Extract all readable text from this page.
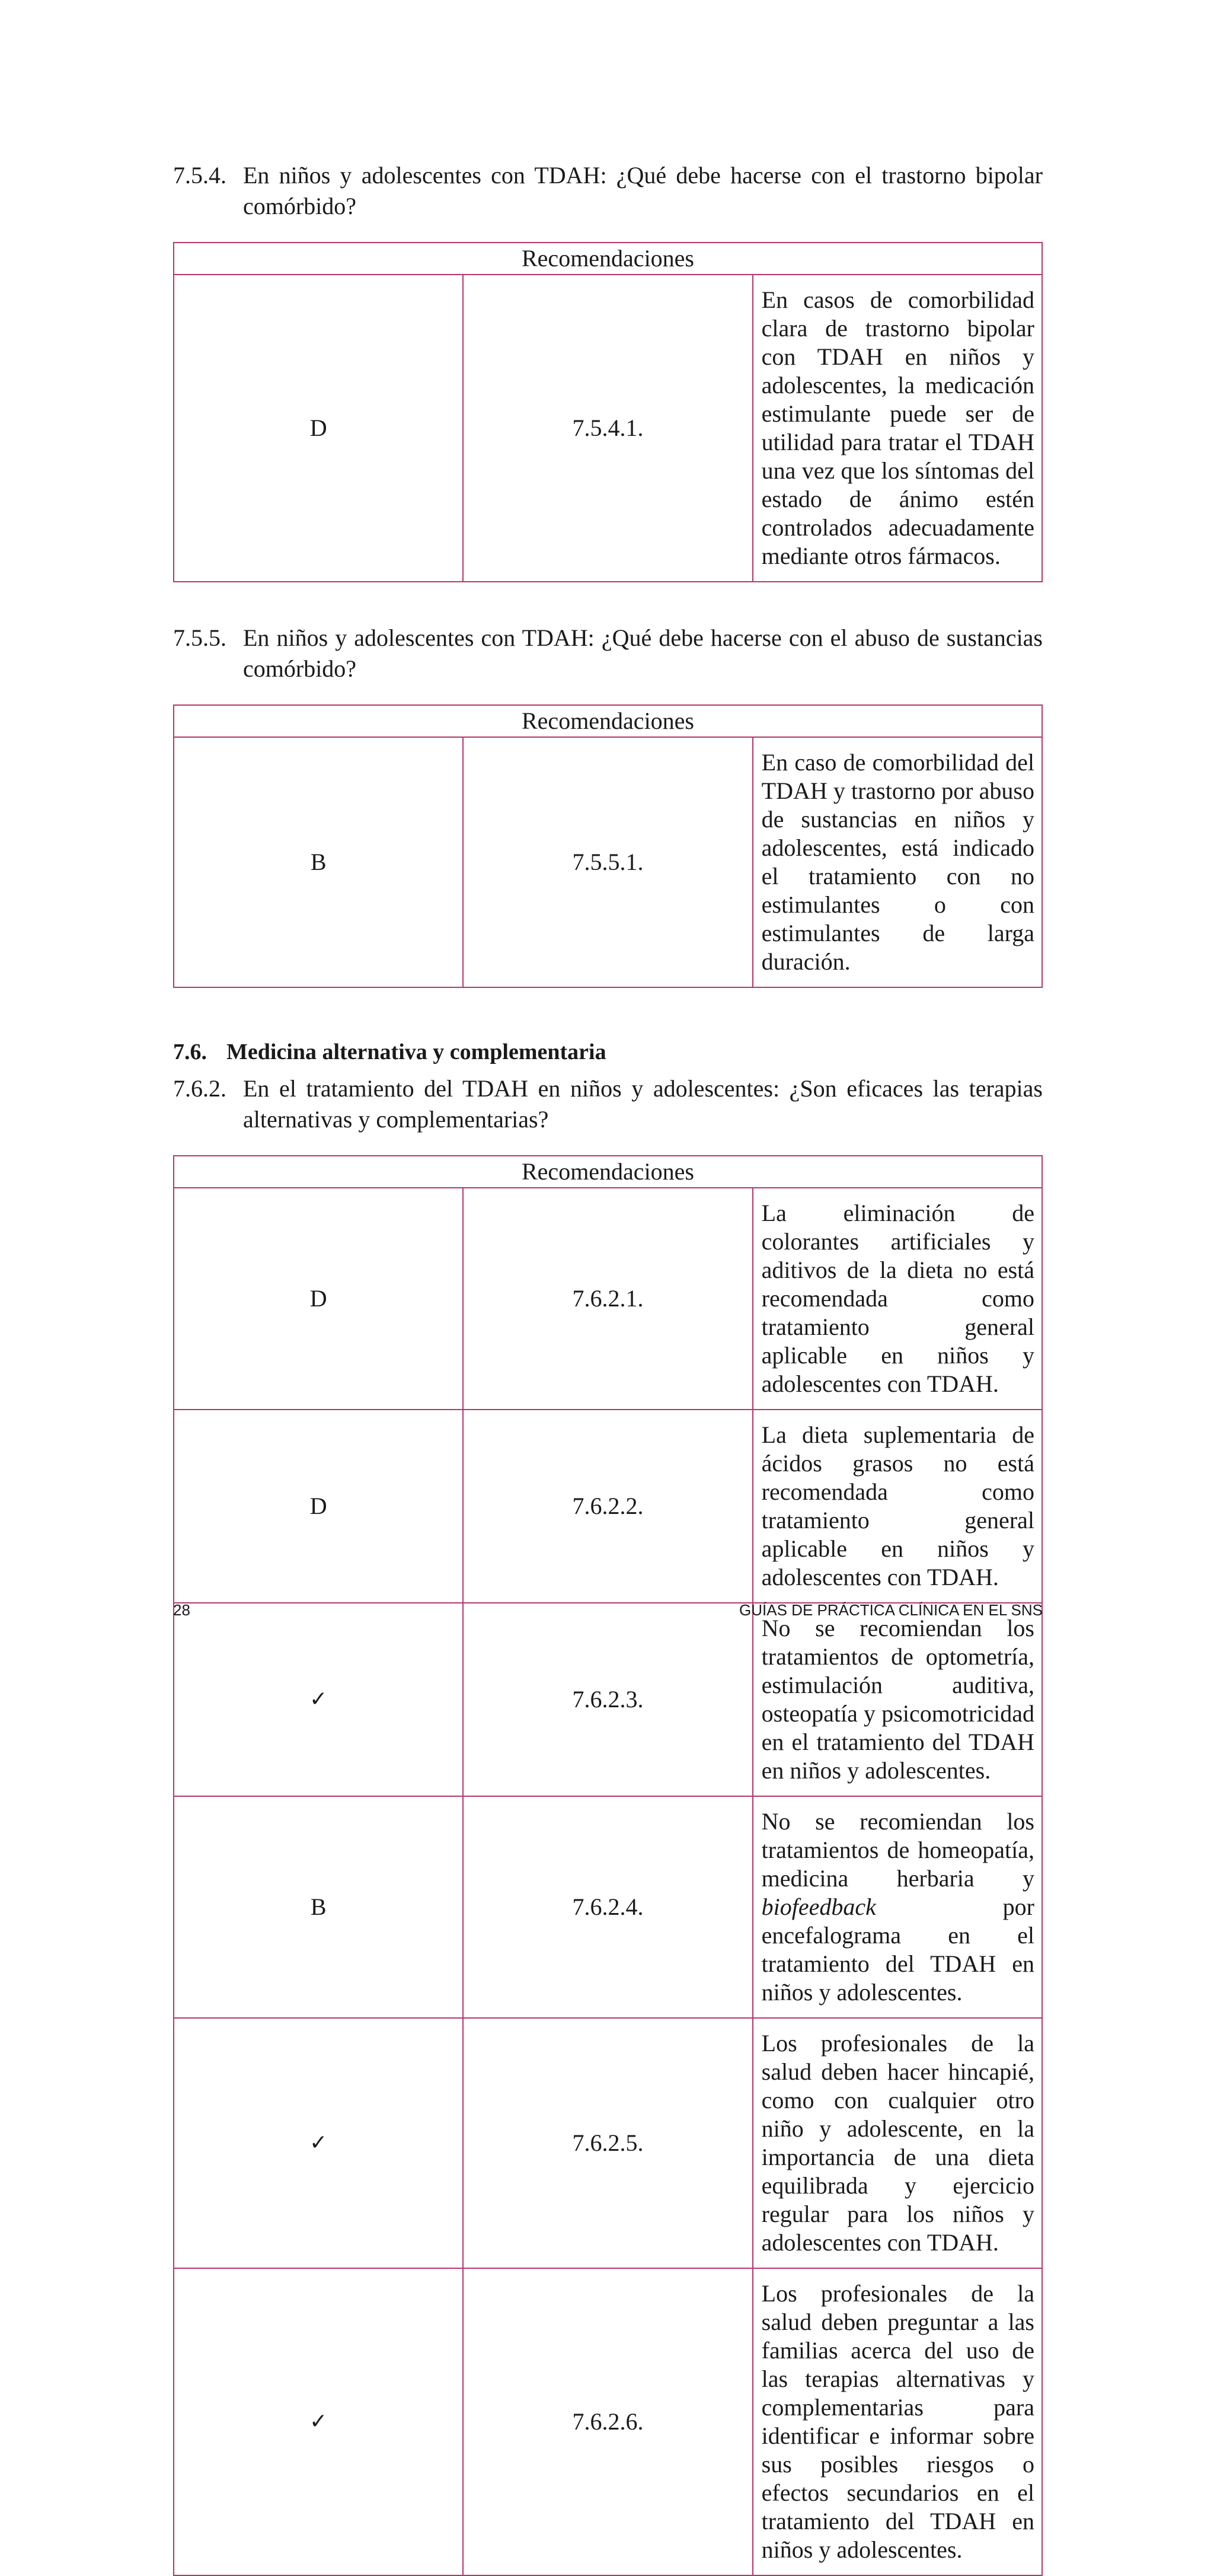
7.5.4. En niños y adolescentes con TDAH: ¿Qué debe hacerse con el trastorno bipolar comórbido?
Recomendaciones
D	7.5.4.1.	En casos de comorbilidad clara de trastorno bipolar con TDAH en niños y adolescentes, la medicación estimulante puede ser de utilidad para tratar el TDAH una vez que los síntomas del estado de ánimo estén controlados adecuadamente mediante otros fármacos.
7.5.5. En niños y adolescentes con TDAH: ¿Qué debe hacerse con el abuso de sustancias comórbido?
Recomendaciones
B	7.5.5.1.	En caso de comorbilidad del TDAH y trastorno por abuso de sustancias en niños y adolescentes, está indicado el tratamiento con no estimulantes o con estimulantes de larga duración.
7.6. Medicina alternativa y complementaria
7.6.2. En el tratamiento del TDAH en niños y adolescentes: ¿Son eficaces las terapias alternativas y complementarias?
Recomendaciones		
D	7.6.2.1.	La eliminación de colorantes artificiales y aditivos de la dieta no está recomendada como tratamiento general aplicable en niños y adolescentes con TDAH.
D	7.6.2.2.	La dieta suplementaria de ácidos grasos no está recomendada como tratamiento general aplicable en niños y adolescentes con TDAH.
✓	7.6.2.3.	No se recomiendan los tratamientos de optometría, estimulación auditiva, osteopatía y psicomotricidad en el tratamiento del TDAH en niños y adolescentes.
B	7.6.2.4.	No se recomiendan los tratamientos de homeopatía, medicina herbaria y biofeedback por encefalograma en el tratamiento del TDAH en niños y adolescentes.
✓	7.6.2.5.	Los profesionales de la salud deben hacer hincapié, como con cualquier otro niño y adolescente, en la importancia de una dieta equilibrada y ejercicio regular para los niños y adolescentes con TDAH.
✓	7.6.2.6.	Los profesionales de la salud deben preguntar a las familias acerca del uso de las terapias alternativas y complementarias para identificar e informar sobre sus posibles riesgos o efectos secundarios en el tratamiento del TDAH en niños y adolescentes.
28	GUÍAS DE PRÁCTICA CLÍNICA EN EL SNS
